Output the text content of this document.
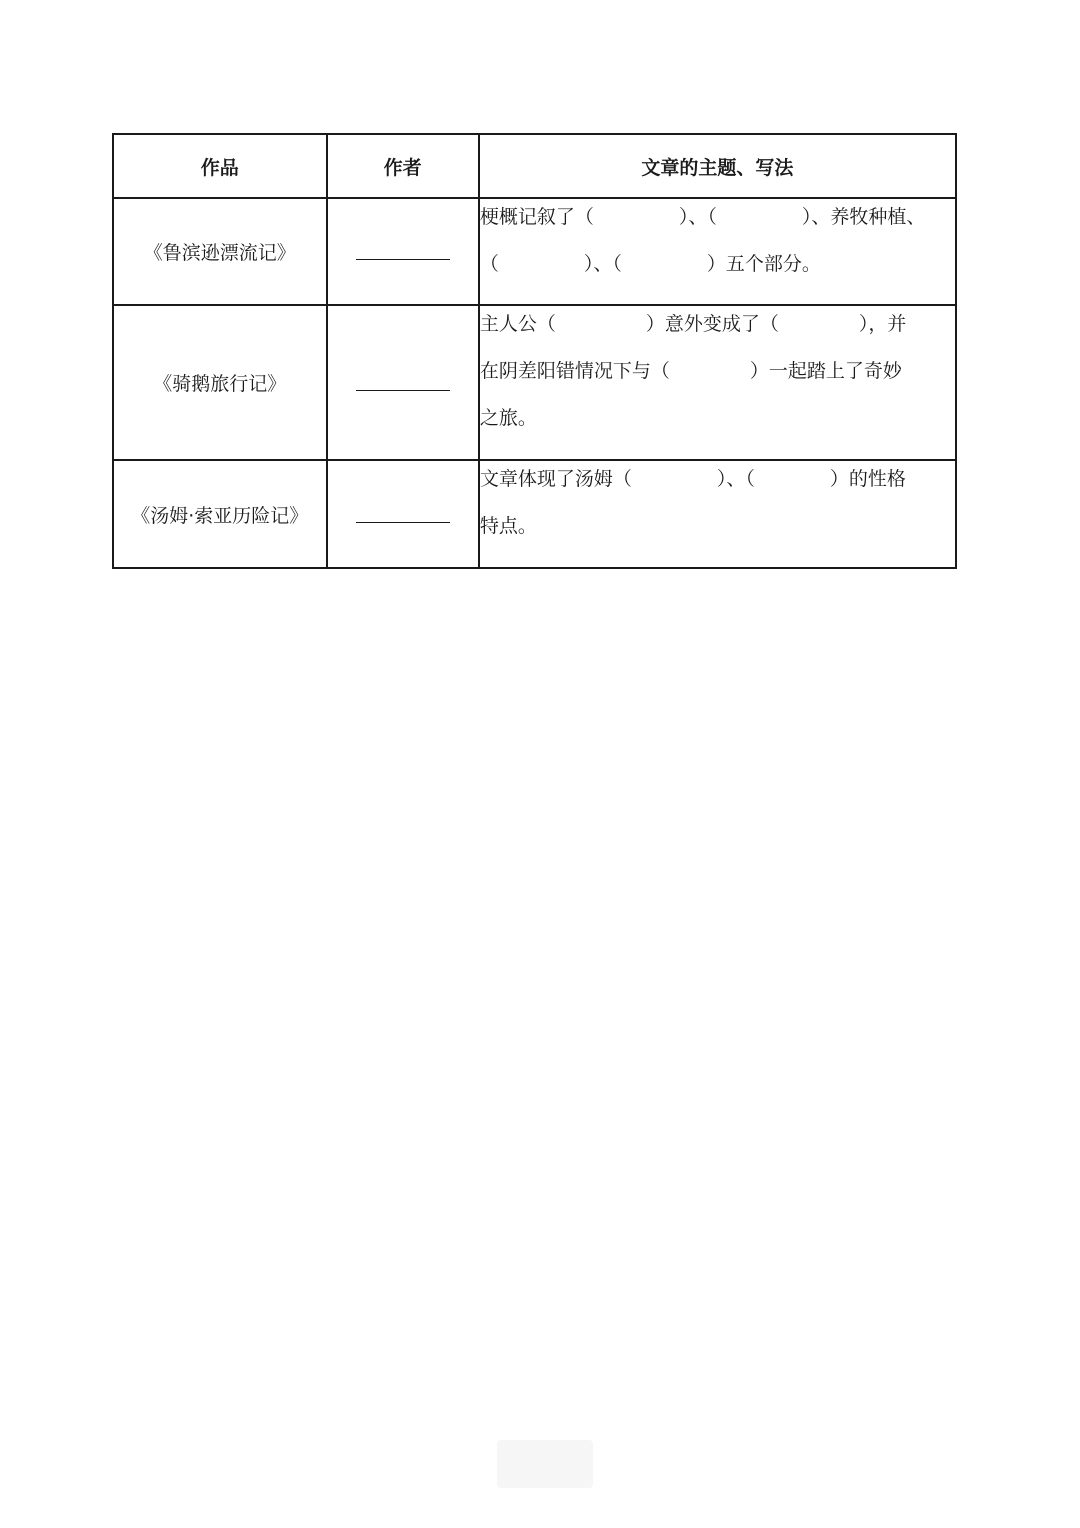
作品	作者	文章的主题、写法
《鲁滨逊漂流记》		梗概记叙了（ ）、（ ）、养牧种植、
（ ）、（ ）五个部分。

《骑鹅旅行记》		主人公（ ）意外变成了（ ），并
在阴差阳错情况下与（ ）一起踏上了奇妙
之旅。

《汤姆·索亚历险记》		文章体现了汤姆（ ）、（ ）的性格
特点。
